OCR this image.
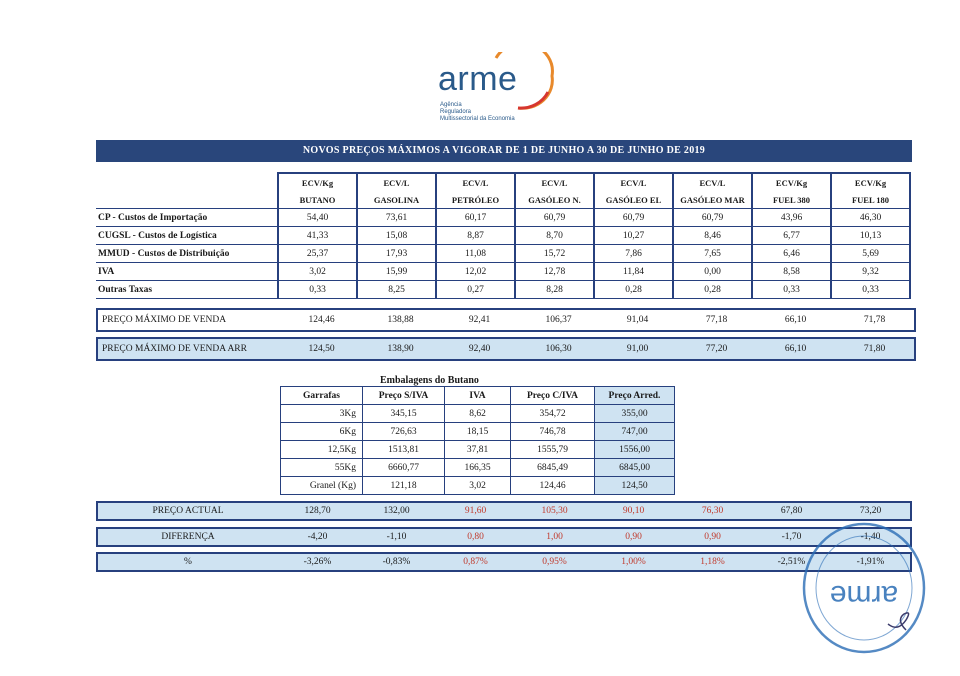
arme
Agência
Reguladora
Multissectorial da Economia
NOVOS PREÇOS MÁXIMOS A VIGORAR DE 1 DE JUNHO A 30 DE JUNHO DE 2019
	ECV/Kg	ECV/L	ECV/L	ECV/L	ECV/L	ECV/L	ECV/Kg	ECV/Kg
	BUTANO	GASOLINA	PETRÓLEO	GASÓLEO N.	GASÓLEO EL	GASÓLEO MAR	FUEL 380	FUEL 180
CP - Custos de Importação	54,40	73,61	60,17	60,79	60,79	60,79	43,96	46,30
CUGSL - Custos de Logística	41,33	15,08	8,87	8,70	10,27	8,46	6,77	10,13
MMUD - Custos de Distribuição	25,37	17,93	11,08	15,72	7,86	7,65	6,46	5,69
IVA	3,02	15,99	12,02	12,78	11,84	0,00	8,58	9,32
Outras Taxas	0,33	8,25	0,27	8,28	0,28	0,28	0,33	0,33
PREÇO MÁXIMO DE VENDA	124,46	138,88	92,41	106,37	91,04	77,18	66,10	71,78
PREÇO MÁXIMO DE VENDA ARR	124,50	138,90	92,40	106,30	91,00	77,20	66,10	71,80
Embalagens do Butano
Garrafas	Preço S/IVA	IVA	Preço C/IVA	Preço Arred.
3Kg	345,15	8,62	354,72	355,00
6Kg	726,63	18,15	746,78	747,00
12,5Kg	1513,81	37,81	1555,79	1556,00
55Kg	6660,77	166,35	6845,49	6845,00
Granel (Kg)	121,18	3,02	124,46	124,50
PREÇO ACTUAL	128,70	132,00	91,60	105,30	90,10	76,30	67,80	73,20
DIFERENÇA	-4,20	-1,10	0,80	1,00	0,90	0,90	-1,70	-1,40
%	-3,26%	-0,83%	0,87%	0,95%	1,00%	1,18%	-2,51%	-1,91%
arme
